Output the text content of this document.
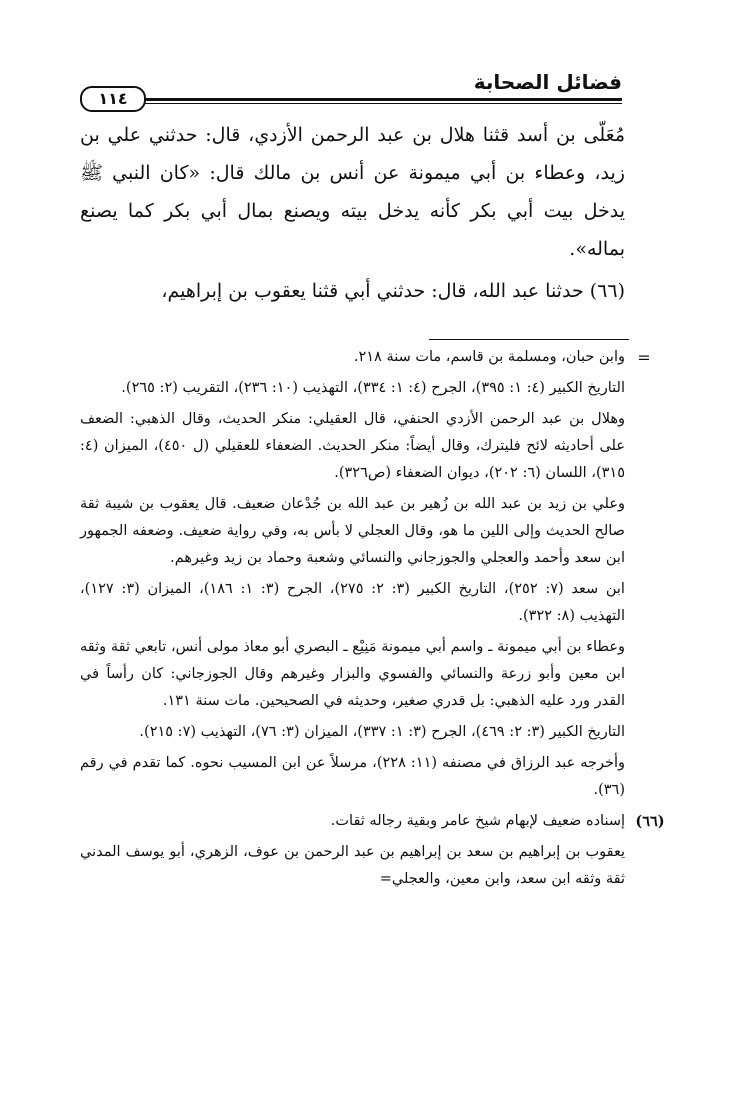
فضائل الصحابة
١١٤

مُعَلّى بن أسد قثنا هلال بن عبد الرحمن الأزدي، قال: حدثني علي بن زيد، وعطاء بن أبي ميمونة عن أنس بن مالك قال: «كان النبي ﷺ يدخل بيت أبي بكر كأنه يدخل بيته ويصنع بمال أبي بكر كما يصنع بماله».

(٦٦) حدثنا عبد الله، قال: حدثني أبي قثنا يعقوب بن إبراهيم،

=

وابن حبان، ومسلمة بن قاسم، مات سنة ٢١٨.

التاريخ الكبير (٤: ١: ٣٩٥)، الجرح (٤: ١: ٣٣٤)، التهذيب (١٠: ٢٣٦)، التقريب (٢: ٢٦٥).

وهلال بن عبد الرحمن الأزدي الحنفي، قال العقيلي: منكر الحديث، وقال الذهبي: الضعف على أحاديثه لائح فليترك، وقال أيضاً: منكر الحديث. الضعفاء للعقيلي (ل ٤٥٠)، الميزان (٤: ٣١٥)، اللسان (٦: ٢٠٢)، ديوان الضعفاء (ص٣٢٦).

وعلي بن زيد بن عبد الله بن زُهير بن عبد الله بن جُدْعان ضعيف. قال يعقوب بن شيبة ثقة صالح الحديث وإلى اللين ما هو، وقال العجلي لا بأس به، وفي رواية ضعيف. وضعفه الجمهور ابن سعد وأحمد والعجلي والجوزجاني والنسائي وشعبة وحماد بن زيد وغيرهم.

ابن سعد (٧: ٢٥٢)، التاريخ الكبير (٣: ٢: ٢٧٥)، الجرح (٣: ١: ١٨٦)، الميزان (٣: ١٢٧)، التهذيب (٨: ٣٢٢).

وعطاء بن أبي ميمونة ـ واسم أبي ميمونة مَنِيْع ـ البصري أبو معاذ مولى أنس، تابعي ثقة وثقه ابن معين وأبو زرعة والنسائي والفسوي والبزار وغيرهم وقال الجوزجاني: كان رأساً في القدر ورد عليه الذهبي: بل قدري صغير، وحديثه في الصحيحين. مات سنة ١٣١.

التاريخ الكبير (٣: ٢: ٤٦٩)، الجرح (٣: ١: ٣٣٧)، الميزان (٣: ٧٦)، التهذيب (٧: ٢١٥).

وأخرجه عبد الرزاق في مصنفه (١١: ٢٢٨)، مرسلاً عن ابن المسيب نحوه. كما تقدم في رقم (٣٦).

(٦٦)

إسناده ضعيف لإبهام شيخ عامر وبقية رجاله ثقات.

يعقوب بن إبراهيم بن سعد بن إبراهيم بن عبد الرحمن بن عوف، الزهري، أبو يوسف المدني ثقة وثقه ابن سعد، وابن معين، والعجلي=
